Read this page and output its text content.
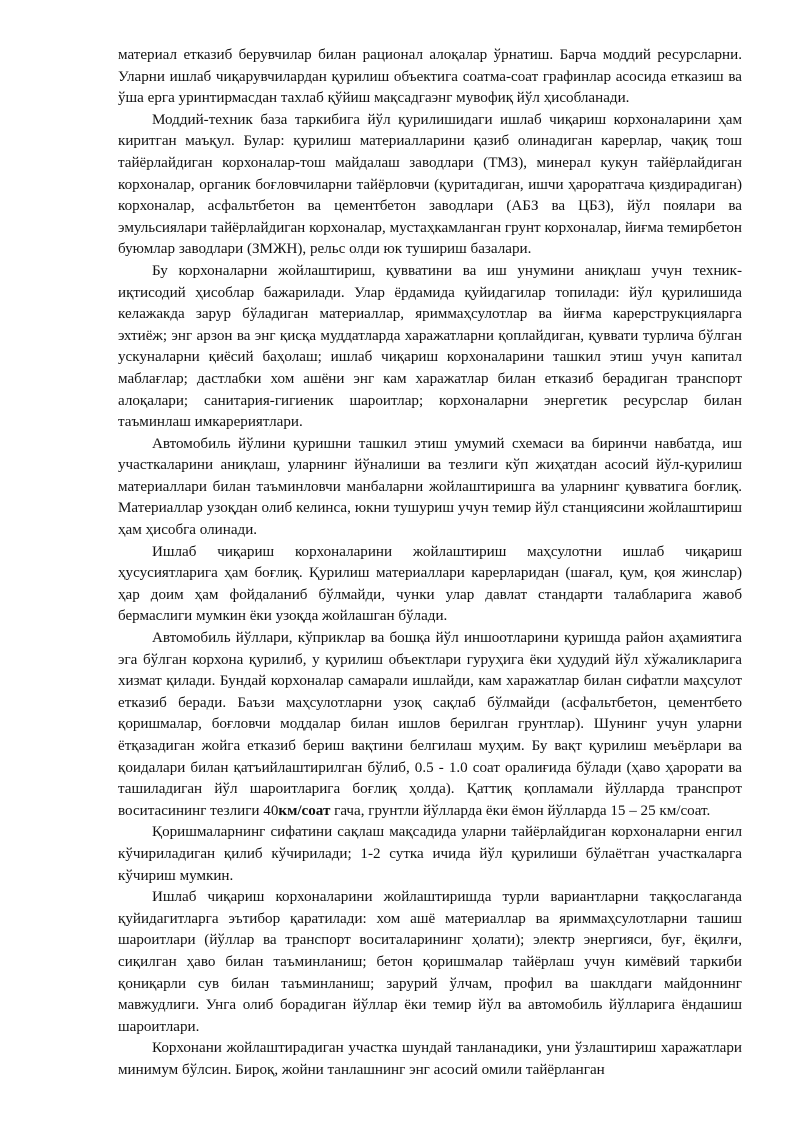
материал етказиб берувчилар билан рационал алоқалар ўрнатиш. Барча моддий ресурсларни. Уларни ишлаб чиқарувчилардан қурилиш объектига соатма-соат графинлар асосида етказиш ва ўша ерга уринтирмасдан тахлаб қўйиш мақсадгаэнг мувофиқ йўл ҳисобланади.

Моддий-техник база таркибига йўл қурилишидаги ишлаб чиқариш корхоналарини ҳам киритган маъқул. Булар: қурилиш материалларини қазиб олинадиган карерлар, чақиқ тош тайёрлайдиган корхоналар-тош майдалаш заводлари (ТМЗ), минерал кукун тайёрлайдиган корхоналар, органик боғловчиларни тайёрловчи (қуритадиган, ишчи ҳароратгача қиздирадиган) корхоналар, асфальтбетон ва цементбетон заводлари (АБЗ ва ЦБЗ), йўл поялари ва эмульсиялари тайёрлайдиган корхоналар, мустаҳкамланган грунт корхоналар, йиғма темирбетон буюмлар заводлари (ЗМЖН), рельс олди юк тушириш базалари.

Бу корхоналарни жойлаштириш, қувватини ва иш унумини аниқлаш учун техник-иқтисодий ҳисоблар бажарилади. Улар ёрдамида қуйидагилар топилади: йўл қурилишида келажакда зарур бўладиган материаллар, яриммаҳсулотлар ва йиғма карерструкцияларга эхтиёж; энг арзон ва энг қисқа муддатларда харажатларни қоплайдиган, қуввати турлича бўлган ускуналарни қиёсий баҳолаш; ишлаб чиқариш корхоналарини ташкил этиш учун капитал маблағлар; дастлабки хом ашёни энг кам харажатлар билан етказиб берадиган транспорт алоқалари; санитария-гигиеник шароитлар; корхоналарни энергетик ресурслар билан таъминлаш имкарериятлари.

Автомобиль йўлини қуришни ташкил этиш умумий схемаси ва биринчи навбатда, иш участкаларини аниқлаш, уларнинг йўналиши ва тезлиги кўп жиҳатдан асосий йўл-қурилиш материаллари билан таъминловчи манбаларни жойлаштиришга ва уларнинг қувватига боғлиқ. Материаллар узоқдан олиб келинса, юкни тушуриш учун темир йўл станциясини жойлаштириш ҳам ҳисобга олинади.

Ишлаб чиқариш корхоналарини жойлаштириш маҳсулотни ишлаб чиқариш ҳусусиятларига ҳам боғлиқ. Қурилиш материаллари карерларидан (шағал, қум, қоя жинслар) ҳар доим ҳам фойдаланиб бўлмайди, чунки улар давлат стандарти талабларига жавоб бермаслиги мумкин ёки узоқда жойлашган бўлади.

Автомобиль йўллари, кўприклар ва бошқа йўл иншоотларини қуришда район аҳамиятига эга бўлган корхона қурилиб, у қурилиш объектлари гуруҳига ёки ҳудудий йўл хўжаликларига хизмат қилади. Бундай корхоналар самарали ишлайди, кам харажатлар билан сифатли маҳсулот етказиб беради. Баъзи маҳсулотларни узоқ сақлаб бўлмайди (асфальтбетон, цементбето қоришмалар, боғловчи моддалар билан ишлов берилган грунтлар). Шунинг учун уларни ётқазадиган жойга етказиб бериш вақтини белгилаш муҳим. Бу вақт қурилиш меъёрлари ва қоидалари билан қатъийлаштирилган бўлиб, 0.5 - 1.0 соат оралиғида бўлади (ҳаво ҳарорати ва ташиладиган йўл шароитларига боғлиқ ҳолда). Қаттиқ қопламали йўлларда транспрот воситасининг тезлиги 40км/соат гача, грунтли йўлларда ёки ёмон йўлларда 15 – 25 км/соат.

Қоришмаларнинг сифатини сақлаш мақсадида уларни тайёрлайдиган корхоналарни енгил кўчириладиган қилиб кўчирилади; 1-2 сутка ичида йўл қурилиши бўлаётган участкаларга кўчириш мумкин.

Ишлаб чиқариш корхоналарини жойлаштиришда турли вариантларни таққослаганда қуйидагитларга эътибор қаратилади: хом ашё материаллар ва яриммаҳсулотларни ташиш шароитлари (йўллар ва транспорт воситаларининг ҳолати); электр энергияси, буғ, ёқилғи, сиқилган ҳаво билан таъминланиш; бетон қоришмалар тайёрлаш учун кимёвий таркиби қониқарли сув билан таъминланиш; зарурий ўлчам, профил ва шаклдаги майдоннинг мавжудлиги. Унга олиб борадиган йўллар ёки темир йўл ва автомобиль йўлларига ёндашиш шароитлари.

Корхонани жойлаштирадиган участка шундай танланадики, уни ўзлаштириш харажатлари минимум бўлсин. Бироқ, жойни танлашнинг энг асосий омили тайёрланган
